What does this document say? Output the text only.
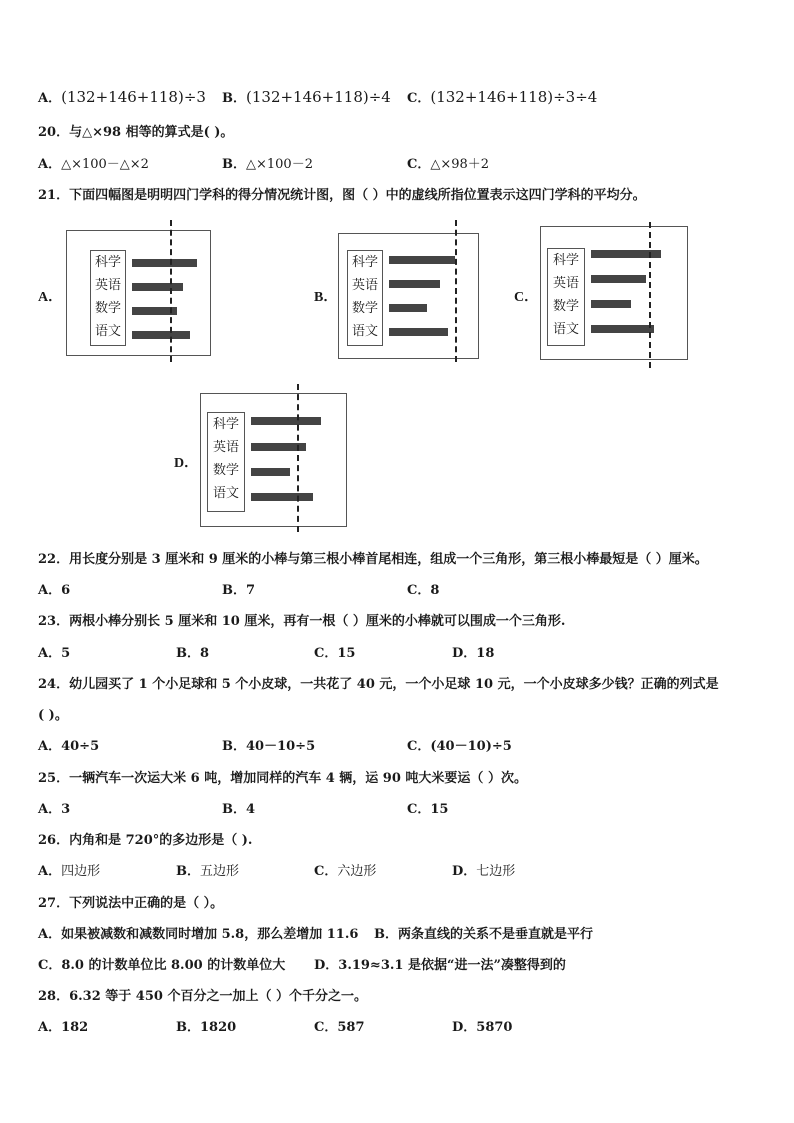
A．(132+146+118)÷3 B．(132+146+118)÷4 C．(132+146+118)÷3÷4
20．与△×98 相等的算式是( )。
A．△×100－△×2	B．△×100－2	C．△×98＋2
21．下面四幅图是明明四门学科的得分情况统计图，图（ ）中的虚线所指位置表示这四门学科的平均分。
A．
科学
英语
数学
语文
B．
科学
英语
数学
语文
C．
科学
英语
数学
语文
D．
科学
英语
数学
语文
22．用长度分别是 3 厘米和 9 厘米的小棒与第三根小棒首尾相连，组成一个三角形，第三根小棒最短是（ ）厘米。
A．6	B．7	C．8
23．两根小棒分别长 5 厘米和 10 厘米，再有一根（ ）厘米的小棒就可以围成一个三角形.
A．5	B．8	C．15	D．18
24．幼儿园买了 1 个小足球和 5 个小皮球，一共花了 40 元，一个小足球 10 元，一个小皮球多少钱？正确的列式是
( )。
A．40÷5	B．40－10÷5	C．(40－10)÷5
25．一辆汽车一次运大米 6 吨，增加同样的汽车 4 辆，运 90 吨大米要运（ ）次。
A．3	B．4	C．15
26．内角和是 720°的多边形是（ ).
A．四边形	B．五边形	C．六边形	D．七边形
27．下列说法中正确的是（ ）。
A．如果被减数和减数同时增加 5.8，那么差增加 11.6 B．两条直线的关系不是垂直就是平行
C．8.0 的计数单位比 8.00 的计数单位大 D．3.19≈3.1 是依据“进一法”凑整得到的
28．6.32 等于 450 个百分之一加上（ ）个千分之一。
A．182	B．1820	C．587	D．5870
